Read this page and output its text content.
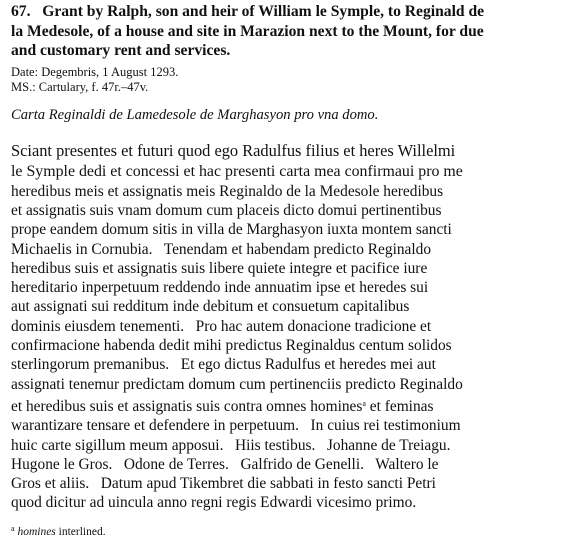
67.  Grant by Ralph, son and heir of William le Symple, to Reginald de
la Medesole, of a house and site in Marazion next to the Mount, for due
and customary rent and services.
Date: Degembris, 1 August 1293.
MS.: Cartulary, f. 47r.–47v.
Carta Reginaldi de Lamedesole de Marghasyon pro vna domo.
Sciant presentes et futuri quod ego Radulfus filius et heres Willelmi
le Symple dedi et concessi et hac presenti carta mea confirmaui pro me
heredibus meis et assignatis meis Reginaldo de la Medesole heredibus
et assignatis suis vnam domum cum placeis dicto domui pertinentibus
prope eandem domum sitis in villa de Marghasyon iuxta montem sancti
Michaelis in Cornubia.  Tenendam et habendam predicto Reginaldo
heredibus suis et assignatis suis libere quiete integre et pacifice iure
hereditario inperpetuum reddendo inde annuatim ipse et heredes sui
aut assignati sui redditum inde debitum et consuetum capitalibus
dominis eiusdem tenementi.  Pro hac autem donacione tradicione et
confirmacione habenda dedit mihi predictus Reginaldus centum solidos
sterlingorum premanibus.  Et ego dictus Radulfus et heredes mei aut
assignati tenemur predictam domum cum pertinenciis predicto Reginaldo
et heredibus suis et assignatis suis contra omnes homines$^a$ et feminas
warantizare tensare et defendere in perpetuum.  In cuius rei testimonium
huic carte sigillum meum apposui.  Hiis testibus.  Johanne de Treiagu.
Hugone le Gros.  Odone de Terres.  Galfrido de Genelli.  Waltero le
Gros et aliis.  Datum apud Tikembret die sabbati in festo sancti Petri
quod dicitur ad uincula anno regni regis Edwardi vicesimo primo.
$^a$ homines interlined.
